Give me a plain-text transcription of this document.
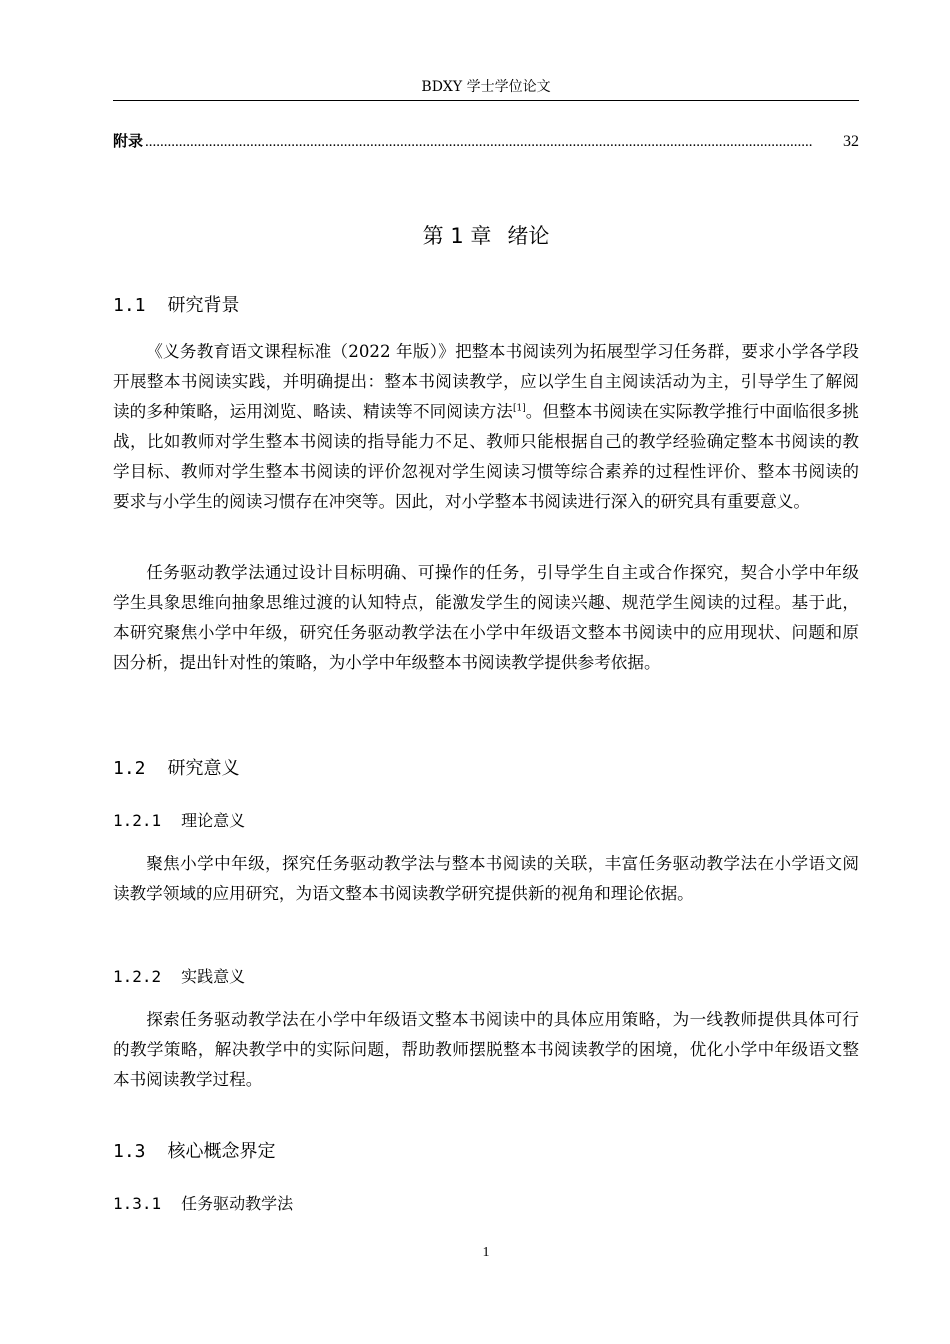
BDXY 学士学位论文
附录 ..................................................................................................................................................................................	32
第 1 章 绪论
1.1 研究背景

《义务教育语文课程标准（2022 年版）》把整本书阅读列为拓展型学习任务群，要求小学各学段开展整本书阅读实践，并明确提出：整本书阅读教学，应以学生自主阅读活动为主，引导学生了解阅读的多种策略，运用浏览、略读、精读等不同阅读方法[1]。但整本书阅读在实际教学推行中面临很多挑战，比如教师对学生整本书阅读的指导能力不足、教师只能根据自己的教学经验确定整本书阅读的教学目标、教师对学生整本书阅读的评价忽视对学生阅读习惯等综合素养的过程性评价、整本书阅读的要求与小学生的阅读习惯存在冲突等。因此，对小学整本书阅读进行深入的研究具有重要意义。

任务驱动教学法通过设计目标明确、可操作的任务，引导学生自主或合作探究，契合小学中年级学生具象思维向抽象思维过渡的认知特点，能激发学生的阅读兴趣、规范学生阅读的过程。基于此，本研究聚焦小学中年级，研究任务驱动教学法在小学中年级语文整本书阅读中的应用现状、问题和原因分析，提出针对性的策略，为小学中年级整本书阅读教学提供参考依据。

1.2 研究意义
1.2.1 理论意义

聚焦小学中年级，探究任务驱动教学法与整本书阅读的关联，丰富任务驱动教学法在小学语文阅读教学领域的应用研究，为语文整本书阅读教学研究提供新的视角和理论依据。

1.2.2 实践意义

探索任务驱动教学法在小学中年级语文整本书阅读中的具体应用策略，为一线教师提供具体可行的教学策略，解决教学中的实际问题，帮助教师摆脱整本书阅读教学的困境，优化小学中年级语文整本书阅读教学过程。

1.3 核心概念界定
1.3.1 任务驱动教学法
1
